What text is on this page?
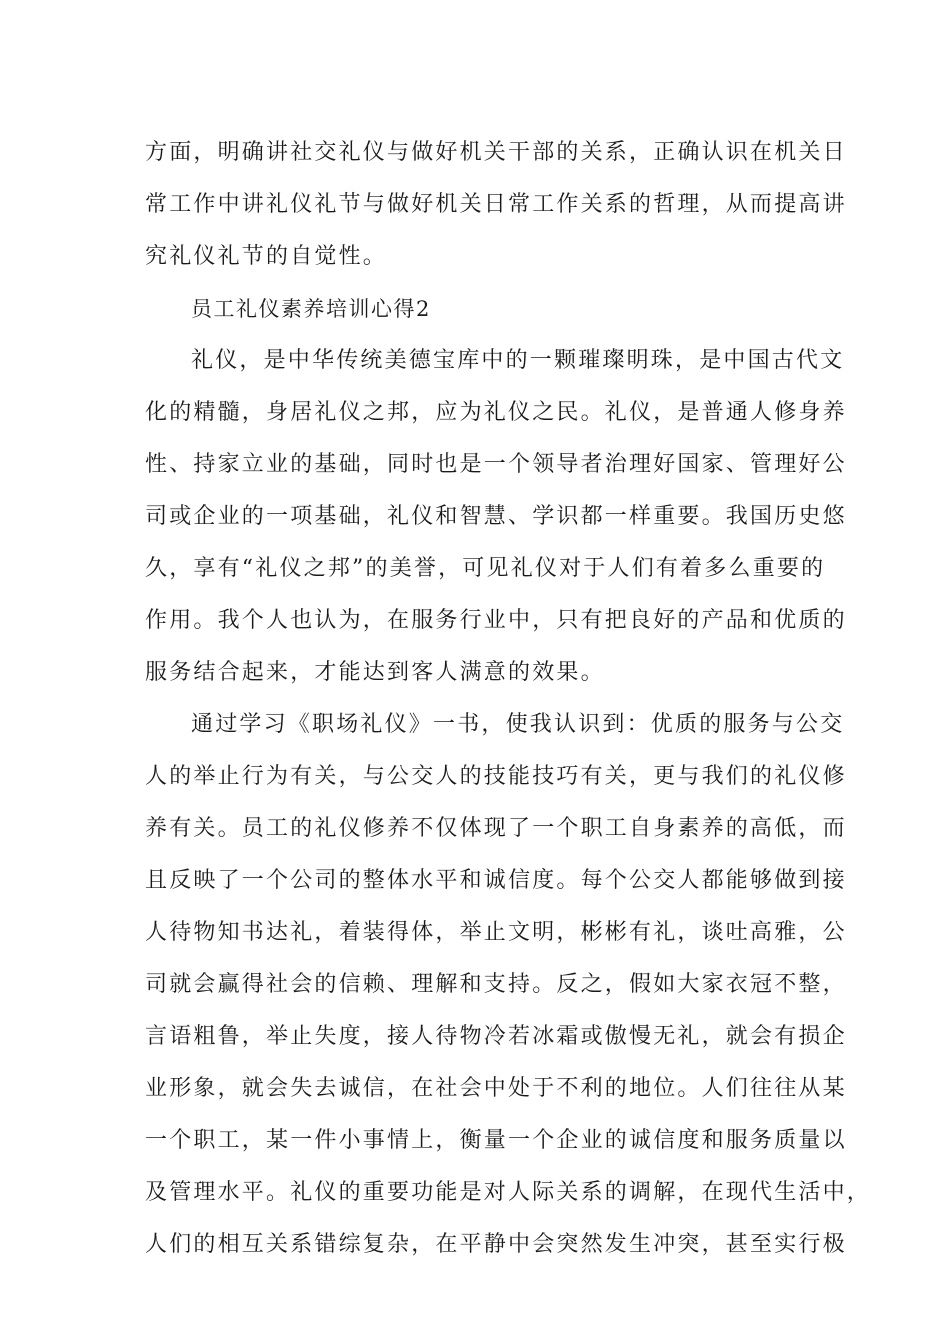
方面，明确讲社交礼仪与做好机关干部的关系，正确认识在机关日
常工作中讲礼仪礼节与做好机关日常工作关系的哲理，从而提高讲
究礼仪礼节的自觉性。
员工礼仪素养培训心得2
礼仪，是中华传统美德宝库中的一颗璀璨明珠，是中国古代文
化的精髓，身居礼仪之邦，应为礼仪之民。礼仪，是普通人修身养
性、持家立业的基础，同时也是一个领导者治理好国家、管理好公
司或企业的一项基础，礼仪和智慧、学识都一样重要。我国历史悠
久，享有“礼仪之邦”的美誉，可见礼仪对于人们有着多么重要的
作用。我个人也认为，在服务行业中，只有把良好的产品和优质的
服务结合起来，才能达到客人满意的效果。
通过学习《职场礼仪》一书，使我认识到：优质的服务与公交
人的举止行为有关，与公交人的技能技巧有关，更与我们的礼仪修
养有关。员工的礼仪修养不仅体现了一个职工自身素养的高低，而
且反映了一个公司的整体水平和诚信度。每个公交人都能够做到接
人待物知书达礼，着装得体，举止文明，彬彬有礼，谈吐高雅，公
司就会赢得社会的信赖、理解和支持。反之，假如大家衣冠不整，
言语粗鲁，举止失度，接人待物冷若冰霜或傲慢无礼，就会有损企
业形象，就会失去诚信，在社会中处于不利的地位。人们往往从某
一个职工，某一件小事情上，衡量一个企业的诚信度和服务质量以
及管理水平。礼仪的重要功能是对人际关系的调解，在现代生活中，
人们的相互关系错综复杂，在平静中会突然发生冲突，甚至实行极
